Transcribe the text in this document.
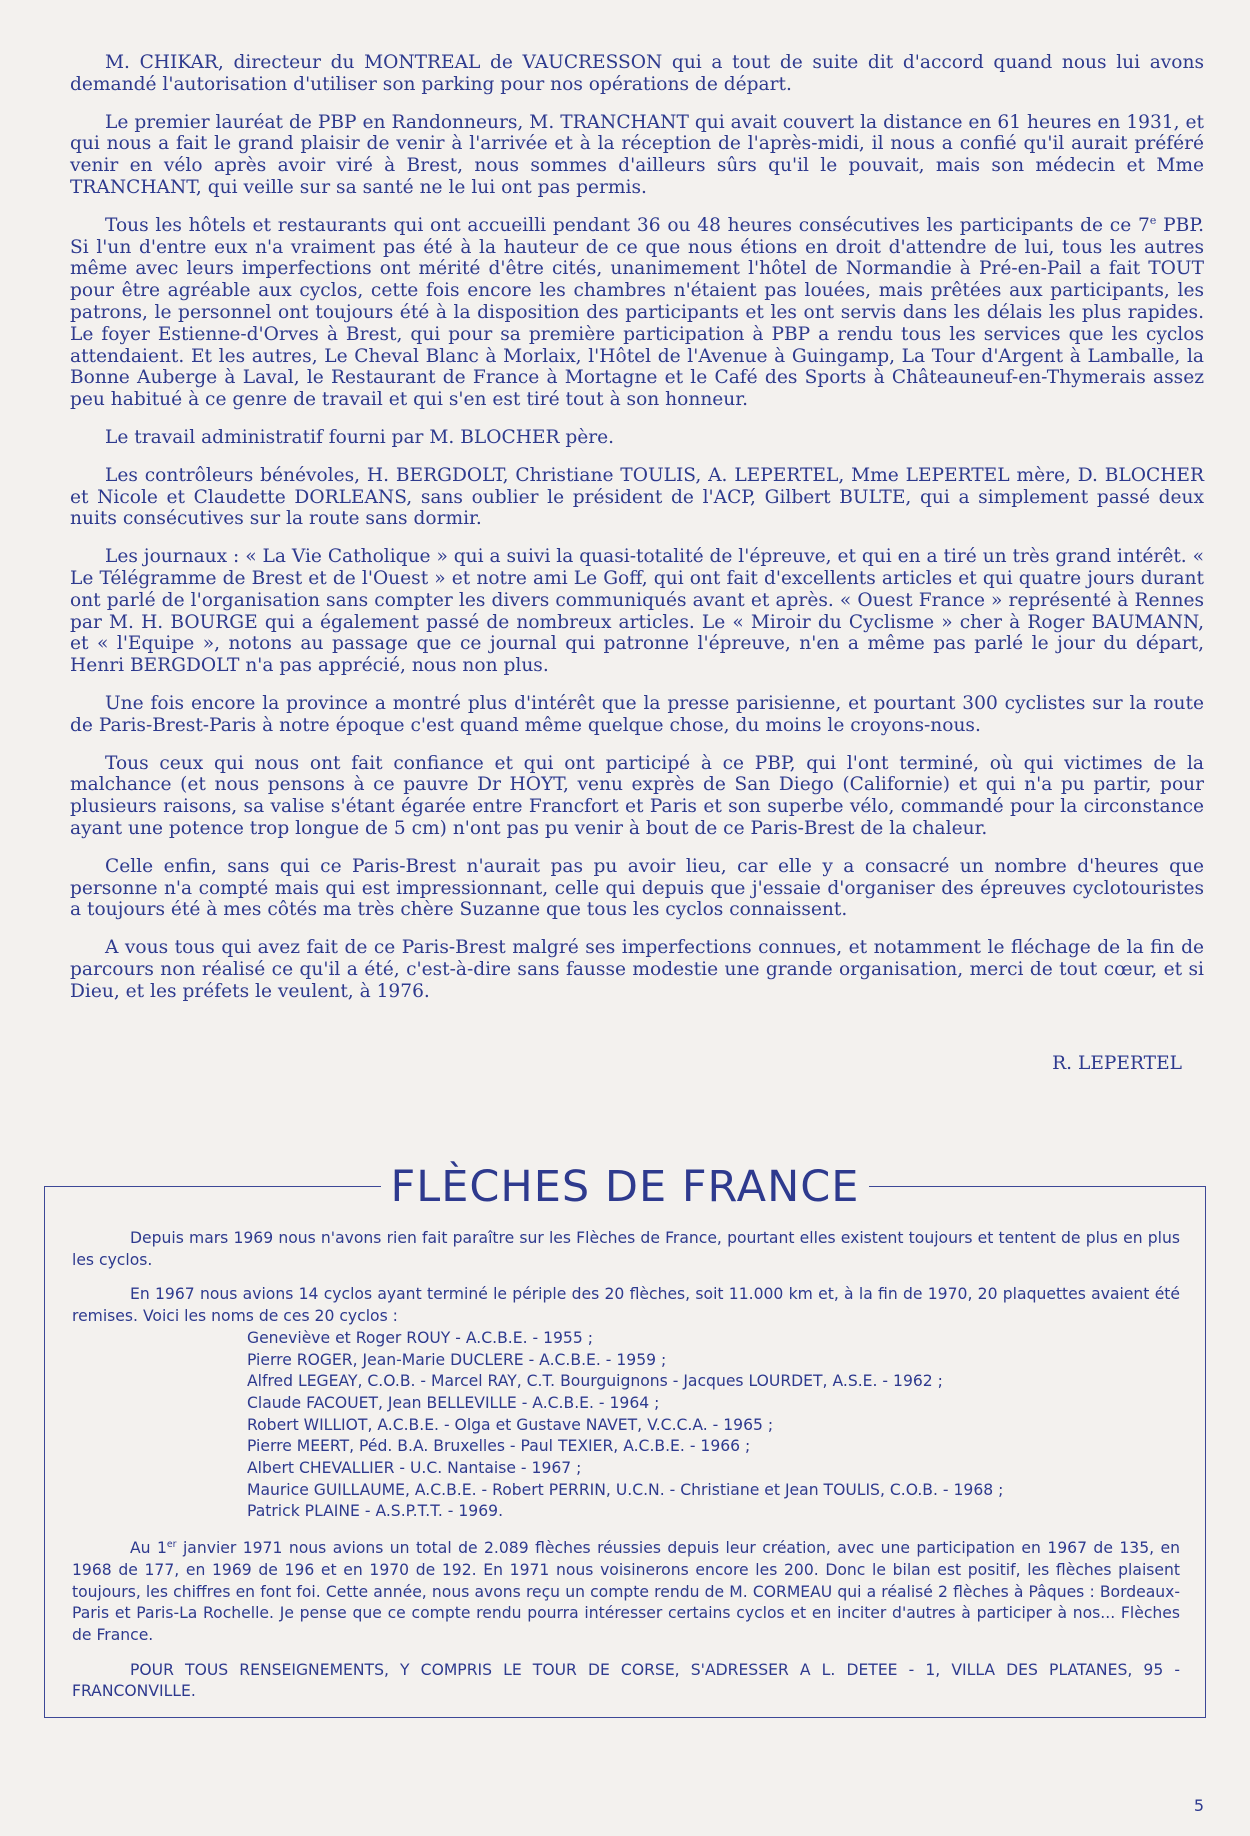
M. CHIKAR, directeur du MONTREAL de VAUCRESSON qui a tout de suite dit d'accord quand nous lui avons demandé l'autorisation d'utiliser son parking pour nos opérations de départ.

Le premier lauréat de PBP en Randonneurs, M. TRANCHANT qui avait couvert la distance en 61 heures en 1931, et qui nous a fait le grand plaisir de venir à l'arrivée et à la réception de l'après-midi, il nous a confié qu'il aurait préféré venir en vélo après avoir viré à Brest, nous sommes d'ailleurs sûrs qu'il le pouvait, mais son médecin et Mme TRANCHANT, qui veille sur sa santé ne le lui ont pas permis.

Tous les hôtels et restaurants qui ont accueilli pendant 36 ou 48 heures consécutives les participants de ce 7e PBP. Si l'un d'entre eux n'a vraiment pas été à la hauteur de ce que nous étions en droit d'attendre de lui, tous les autres même avec leurs imperfections ont mérité d'être cités, unanimement l'hôtel de Normandie à Pré-en-Pail a fait TOUT pour être agréable aux cyclos, cette fois encore les chambres n'étaient pas louées, mais prêtées aux participants, les patrons, le personnel ont toujours été à la disposition des participants et les ont servis dans les délais les plus rapides. Le foyer Estienne-d'Orves à Brest, qui pour sa première participation à PBP a rendu tous les services que les cyclos attendaient. Et les autres, Le Cheval Blanc à Morlaix, l'Hôtel de l'Avenue à Guingamp, La Tour d'Argent à Lamballe, la Bonne Auberge à Laval, le Restaurant de France à Mortagne et le Café des Sports à Châteauneuf-en-Thymerais assez peu habitué à ce genre de travail et qui s'en est tiré tout à son honneur.

Le travail administratif fourni par M. BLOCHER père.

Les contrôleurs bénévoles, H. BERGDOLT, Christiane TOULIS, A. LEPERTEL, Mme LEPERTEL mère, D. BLOCHER et Nicole et Claudette DORLEANS, sans oublier le président de l'ACP, Gilbert BULTE, qui a simplement passé deux nuits consécutives sur la route sans dormir.

Les journaux : « La Vie Catholique » qui a suivi la quasi-totalité de l'épreuve, et qui en a tiré un très grand intérêt. « Le Télégramme de Brest et de l'Ouest » et notre ami Le Goff, qui ont fait d'excellents articles et qui quatre jours durant ont parlé de l'organisation sans compter les divers communiqués avant et après. « Ouest France » représenté à Rennes par M. H. BOURGE qui a également passé de nombreux articles. Le « Miroir du Cyclisme » cher à Roger BAUMANN, et « l'Equipe », notons au passage que ce journal qui patronne l'épreuve, n'en a même pas parlé le jour du départ, Henri BERGDOLT n'a pas apprécié, nous non plus.

Une fois encore la province a montré plus d'intérêt que la presse parisienne, et pourtant 300 cyclistes sur la route de Paris-Brest-Paris à notre époque c'est quand même quelque chose, du moins le croyons-nous.

Tous ceux qui nous ont fait confiance et qui ont participé à ce PBP, qui l'ont terminé, où qui victimes de la malchance (et nous pensons à ce pauvre Dr HOYT, venu exprès de San Diego (Californie) et qui n'a pu partir, pour plusieurs raisons, sa valise s'étant égarée entre Francfort et Paris et son superbe vélo, commandé pour la circonstance ayant une potence trop longue de 5 cm) n'ont pas pu venir à bout de ce Paris-Brest de la chaleur.

Celle enfin, sans qui ce Paris-Brest n'aurait pas pu avoir lieu, car elle y a consacré un nombre d'heures que personne n'a compté mais qui est impressionnant, celle qui depuis que j'essaie d'organiser des épreuves cyclotouristes a toujours été à mes côtés ma très chère Suzanne que tous les cyclos connaissent.

A vous tous qui avez fait de ce Paris-Brest malgré ses imperfections connues, et notamment le fléchage de la fin de parcours non réalisé ce qu'il a été, c'est-à-dire sans fausse modestie une grande organisation, merci de tout cœur, et si Dieu, et les préfets le veulent, à 1976.

R. LEPERTEL
FLÈCHES DE FRANCE

Depuis mars 1969 nous n'avons rien fait paraître sur les Flèches de France, pourtant elles existent toujours et tentent de plus en plus les cyclos.

En 1967 nous avions 14 cyclos ayant terminé le périple des 20 flèches, soit 11.000 km et, à la fin de 1970, 20 plaquettes avaient été remises. Voici les noms de ces 20 cyclos :

Geneviève et Roger ROUY - A.C.B.E. - 1955 ;
Pierre ROGER, Jean-Marie DUCLERE - A.C.B.E. - 1959 ;
Alfred LEGEAY, C.O.B. - Marcel RAY, C.T. Bourguignons - Jacques LOURDET, A.S.E. - 1962 ;
Claude FACOUET, Jean BELLEVILLE - A.C.B.E. - 1964 ;
Robert WILLIOT, A.C.B.E. - Olga et Gustave NAVET, V.C.C.A. - 1965 ;
Pierre MEERT, Péd. B.A. Bruxelles - Paul TEXIER, A.C.B.E. - 1966 ;
Albert CHEVALLIER - U.C. Nantaise - 1967 ;
Maurice GUILLAUME, A.C.B.E. - Robert PERRIN, U.C.N. - Christiane et Jean TOULIS, C.O.B. - 1968 ;
Patrick PLAINE - A.S.P.T.T. - 1969.

Au 1er janvier 1971 nous avions un total de 2.089 flèches réussies depuis leur création, avec une participation en 1967 de 135, en 1968 de 177, en 1969 de 196 et en 1970 de 192. En 1971 nous voisinerons encore les 200. Donc le bilan est positif, les flèches plaisent toujours, les chiffres en font foi. Cette année, nous avons reçu un compte rendu de M. CORMEAU qui a réalisé 2 flèches à Pâques : Bordeaux-Paris et Paris-La Rochelle. Je pense que ce compte rendu pourra intéresser certains cyclos et en inciter d'autres à participer à nos... Flèches de France.

POUR TOUS RENSEIGNEMENTS, Y COMPRIS LE TOUR DE CORSE, S'ADRESSER A L. DETEE - 1, VILLA DES PLATANES, 95 - FRANCONVILLE.

5
